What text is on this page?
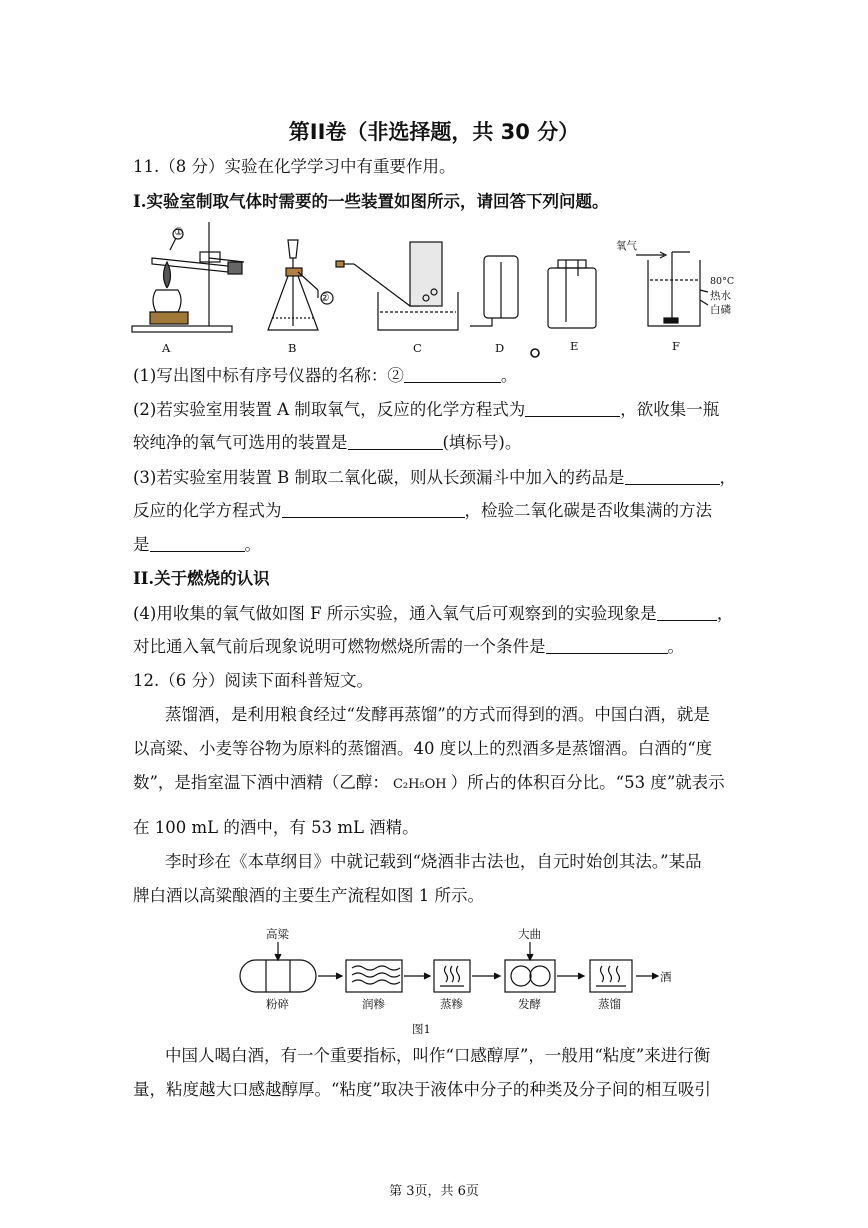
第II卷（非选择题，共 30 分）
11.（8 分）实验在化学学习中有重要作用。
I.实验室制取气体时需要的一些装置如图所示，请回答下列问题。
①
②
氧气
80°C
热水
白磷
A	B	C	D	E	F
(1)写出图中标有序号仪器的名称：②	。
(2)若实验室用装置 A 制取氧气，反应的化学方程式为	，欲收集一瓶
较纯净的氧气可选用的装置是	(填标号)。
(3)若实验室用装置 B 制取二氧化碳，则从长颈漏斗中加入的药品是	，
反应的化学方程式为	，检验二氧化碳是否收集满的方法
是	。
II.关于燃烧的认识
(4)用收集的氧气做如图 F 所示实验，通入氧气后可观察到的实验现象是	，
对比通入氧气前后现象说明可燃物燃烧所需的一个条件是	。
12.（6 分）阅读下面科普短文。
蒸馏酒，是利用粮食经过“发酵再蒸馏”的方式而得到的酒。中国白酒，就是
以高粱、小麦等谷物为原料的蒸馏酒。40 度以上的烈酒多是蒸馏酒。白酒的“度
数”，是指室温下酒中酒精（乙醇： C₂H₅OH ）所占的体积百分比。“53 度”就表示
在 100 mL 的酒中，有 53 mL 酒精。
李时珍在《本草纲目》中就记载到“烧酒非古法也，自元时始创其法。”某品
牌白酒以高粱酿酒的主要生产流程如图 1 所示。
高粱	大曲
粉碎	润糁	蒸糁	发酵	蒸馏
酒
图1
中国人喝白酒，有一个重要指标，叫作“口感醇厚”，一般用“粘度”来进行衡
量，粘度越大口感越醇厚。“粘度”取决于液体中分子的种类及分子间的相互吸引
第 3页，共 6页
